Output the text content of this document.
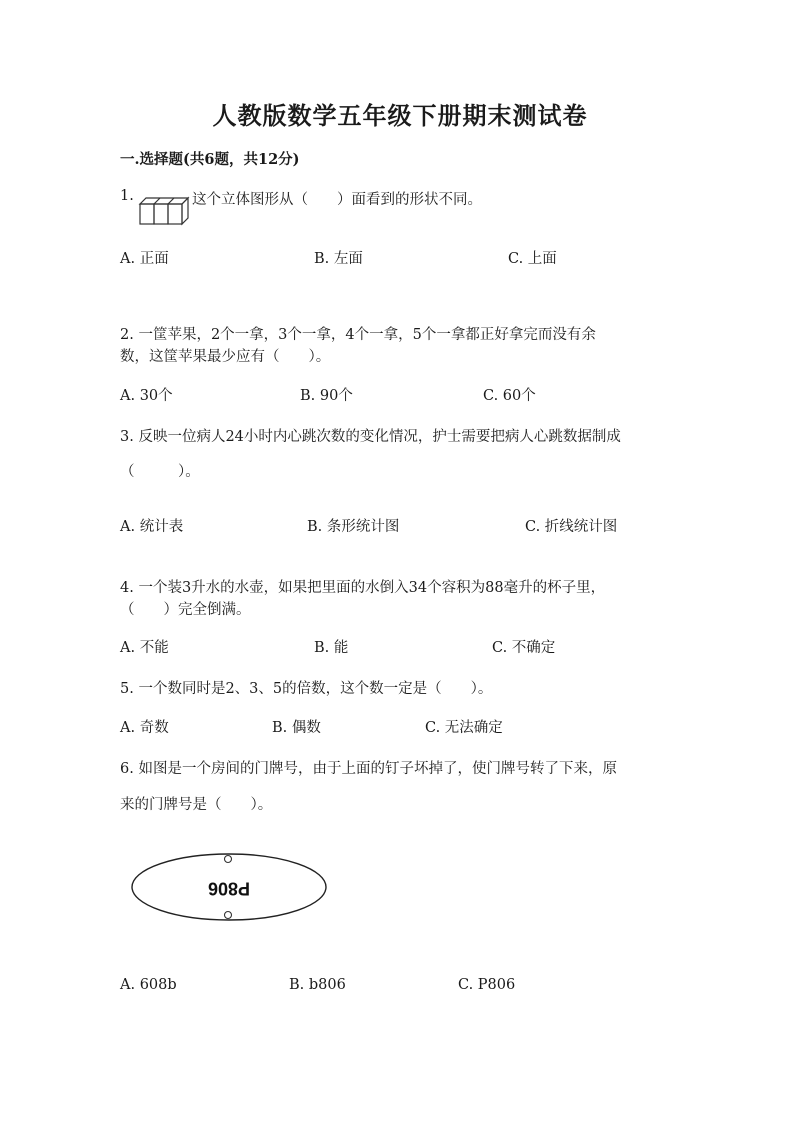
人教版数学五年级下册期末测试卷
一.选择题(共6题，共12分)
1.	这个立体图形从（　　）面看到的形状不同。
A. 正面	B. 左面	C. 上面
2. 一筐苹果，2个一拿，3个一拿，4个一拿，5个一拿都正好拿完而没有余
数，这筐苹果最少应有（　　）。
A. 30个	B. 90个	C. 60个
3. 反映一位病人24小时内心跳次数的变化情况，护士需要把病人心跳数据制成
（　　　）。
A. 统计表	B. 条形统计图	C. 折线统计图
4. 一个装3升水的水壶，如果把里面的水倒入34个容积为88毫升的杯子里，
（　　）完全倒满。
A. 不能	B. 能	C. 不确定
5. 一个数同时是2、3、5的倍数，这个数一定是（　　）。
A. 奇数	B. 偶数	C. 无法确定
6. 如图是一个房间的门牌号，由于上面的钉子坏掉了，使门牌号转了下来，原
来的门牌号是（　　）。
P806
A. 608b	B. b806	C. P806
